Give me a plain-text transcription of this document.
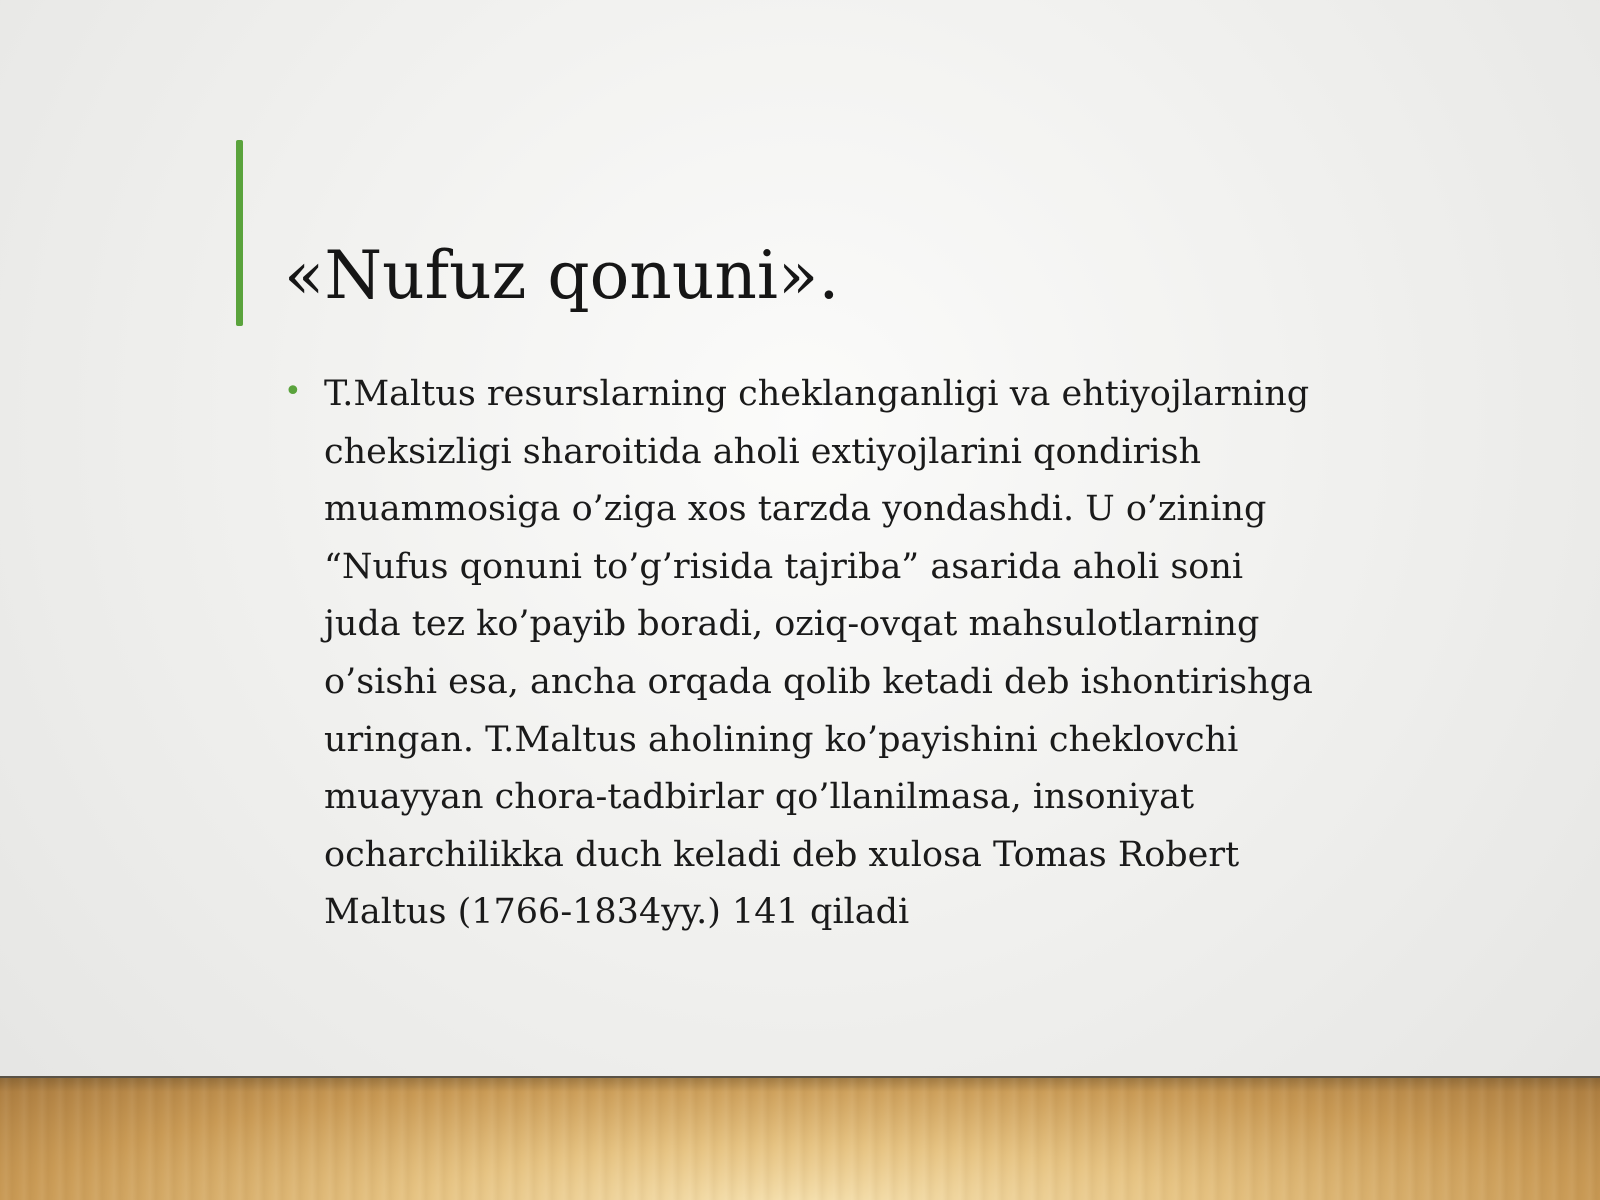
«Nufuz qonuni».
• T.Maltus resurslarning cheklanganligi va ehtiyojlarning
cheksizligi sharoitida aholi extiyojlarini qondirish
muammosiga o’ziga xos tarzda yondashdi. U o’zining
“Nufus qonuni to’g’risida tajriba” asarida aholi soni
juda tez ko’payib boradi, oziq-ovqat mahsulotlarning
o’sishi esa, ancha orqada qolib ketadi deb ishontirishga
uringan. T.Maltus aholining ko’payishini cheklovchi
muayyan chora-tadbirlar qo’llanilmasa, insoniyat
ocharchilikka duch keladi deb xulosa Tomas Robert
Maltus (1766-1834yy.) 141 qiladi
